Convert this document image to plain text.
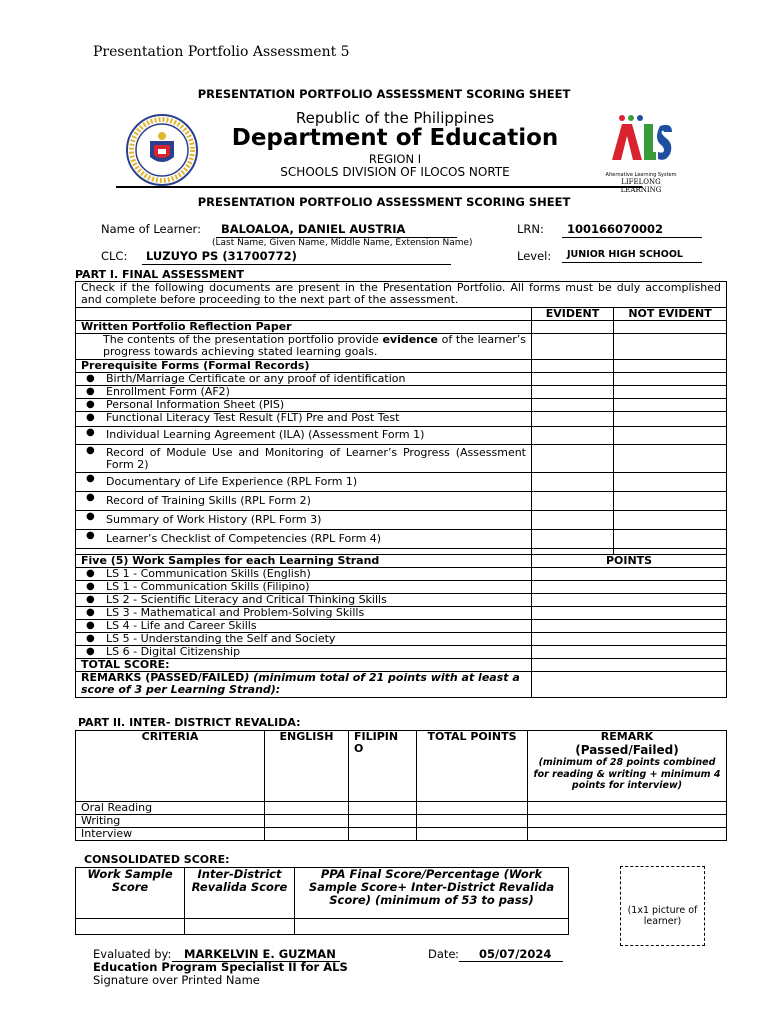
Presentation Portfolio Assessment 5
PRESENTATION PORTFOLIO ASSESSMENT SCORING SHEET
Republic of the Philippines
Department of Education
REGION I
SCHOOLS DIVISION OF ILOCOS NORTE	Alternative Learning System
LIFELONG LEARNING
PRESENTATION PORTFOLIO ASSESSMENT SCORING SHEET
Name of Learner:	BALOALOA, DANIEL AUSTRIA
(Last Name, Given Name, Middle Name, Extension Name)
LRN:	100166070002
CLC:	LUZUYO PS (31700772)	Level:	JUNIOR HIGH SCHOOL
PART I. FINAL ASSESSMENT
Check if the following documents are present in the Presentation Portfolio. All forms must be duly accomplished and complete before proceeding to the next part of the assessment.		
	EVIDENT	NOT EVIDENT
Written Portfolio Reflection Paper		
The contents of the presentation portfolio provide evidence of the learner’s progress towards achieving stated learning goals.		
Prerequisite Forms (Formal Records)		
● Birth/Marriage Certificate or any proof of identification		
● Enrollment Form (AF2)		
● Personal Information Sheet (PIS)		
● Functional Literacy Test Result (FLT) Pre and Post Test		
● Individual Learning Agreement (ILA) (Assessment Form 1)		
● Record of Module Use and Monitoring of Learner’s Progress (Assessment Form 2)		
● Documentary of Life Experience (RPL Form 1)		
● Record of Training Skills (RPL Form 2)		
● Summary of Work History (RPL Form 3)		
● Learner’s Checklist of Competencies (RPL Form 4)		

Five (5) Work Samples for each Learning Strand	POINTS	
● LS 1 - Communication Skills (English)	
● LS 1 - Communication Skills (Filipino)	
● LS 2 - Scientific Literacy and Critical Thinking Skills	
● LS 3 - Mathematical and Problem-Solving Skills	
● LS 4 - Life and Career Skills	
● LS 5 - Understanding the Self and Society	
● LS 6 - Digital Citizenship	
TOTAL SCORE:		
REMARKS (PASSED/FAILED) (minimum total of 21 points with at least a score of 3 per Learning Strand):		
PART II. INTER- DISTRICT REVALIDA:
CRITERIA	ENGLISH	FILIPIN O	TOTAL POINTS	REMARK
(Passed/Failed)
(minimum of 28 points combined for reading & writing + minimum 4 points for interview)

Oral Reading				
Writing				
Interview				
CONSOLIDATED SCORE:
Work Sample Score	Inter-District Revalida Score	PPA Final Score/Percentage (Work Sample Score+ Inter-District Revalida Score) (minimum of 53 to pass)

(1x1 picture of learner)
Evaluated by:	MARKELVIN E. GUZMAN
Education Program Specialist II for ALS
Signature over Printed Name
Date :	05/07/2024
